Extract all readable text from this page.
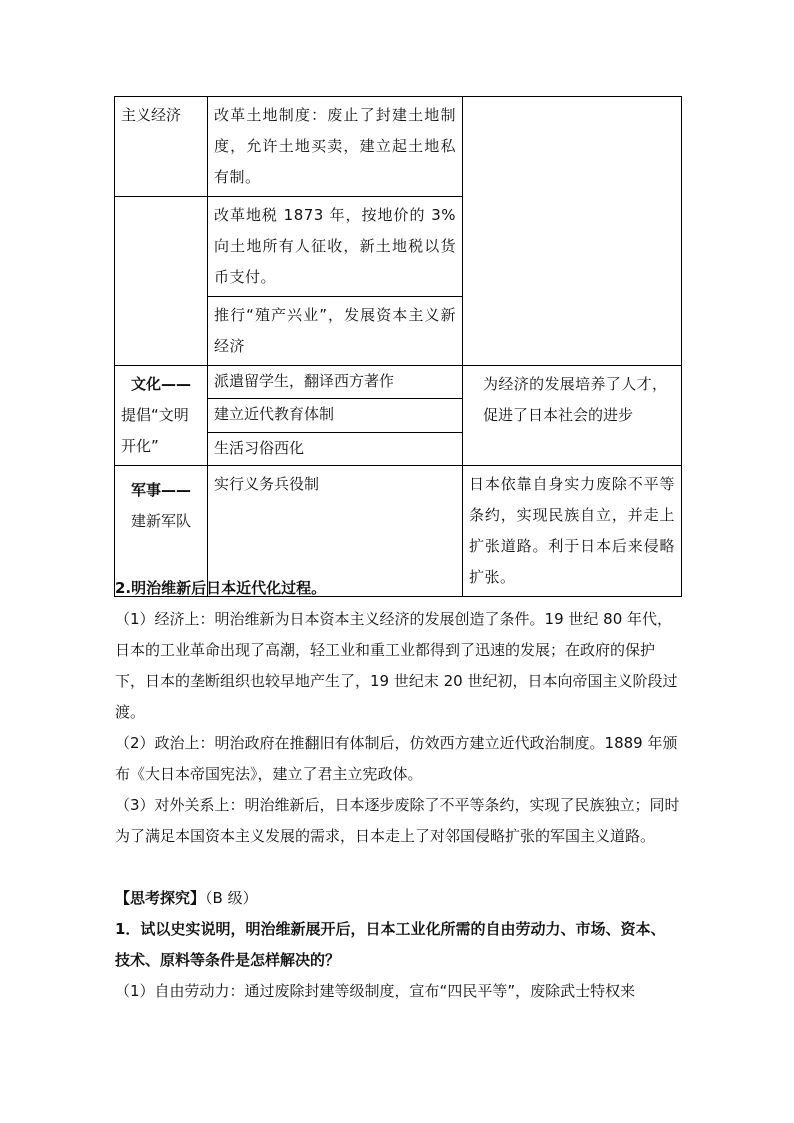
主义经济	改革土地制度：废止了封建土地制度，允许土地买卖，建立起土地私有制。	
	改革地税 1873 年，按地价的 3%向土地所有人征收，新土地税以货币支付。	
	推行“殖产兴业”，发展资本主义新经济	

文化——
提倡“文明开化”	派遣留学生，翻译西方著作	为经济的发展培养了人才，促进了日本社会的进步
	建立近代教育体制	
	生活习俗西化	

军事——
建新军队	实行义务兵役制	日本依靠自身实力废除不平等条约，实现民族自立，并走上扩张道路。利于日本后来侵略扩张。
2.明治维新后日本近代化过程。
（1）经济上：明治维新为日本资本主义经济的发展创造了条件。19 世纪 80 年代，日本的工业革命出现了高潮，轻工业和重工业都得到了迅速的发展；在政府的保护下，日本的垄断组织也较早地产生了，19 世纪末 20 世纪初，日本向帝国主义阶段过渡。
（2）政治上：明治政府在推翻旧有体制后，仿效西方建立近代政治制度。1889 年颁布《大日本帝国宪法》，建立了君主立宪政体。
（3）对外关系上：明治维新后，日本逐步废除了不平等条约，实现了民族独立；同时为了满足本国资本主义发展的需求，日本走上了对邻国侵略扩张的军国主义道路。
【思考探究】（B 级）
1．试以史实说明，明治维新展开后，日本工业化所需的自由劳动力、市场、资本、技术、原料等条件是怎样解决的？
（1）自由劳动力：通过废除封建等级制度，宣布“四民平等”，废除武士特权来
